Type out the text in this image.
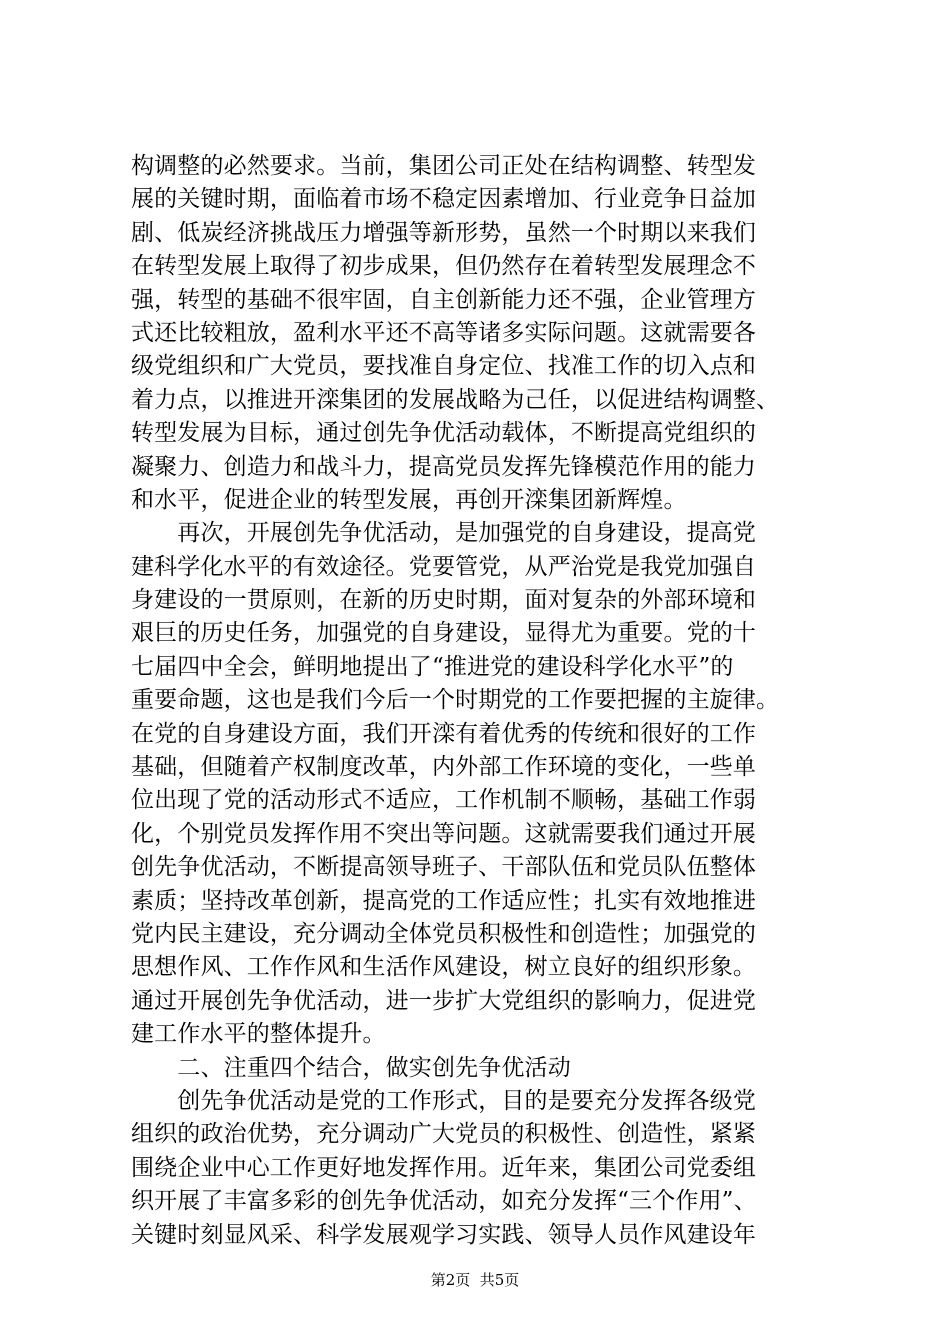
构调整的必然要求。当前，集团公司正处在结构调整、转型发
展的关键时期，面临着市场不稳定因素增加、行业竞争日益加
剧、低炭经济挑战压力增强等新形势，虽然一个时期以来我们
在转型发展上取得了初步成果，但仍然存在着转型发展理念不
强，转型的基础不很牢固，自主创新能力还不强，企业管理方
式还比较粗放，盈利水平还不高等诸多实际问题。这就需要各
级党组织和广大党员，要找准自身定位、找准工作的切入点和
着力点，以推进开滦集团的发展战略为己任，以促进结构调整、
转型发展为目标，通过创先争优活动载体，不断提高党组织的
凝聚力、创造力和战斗力，提高党员发挥先锋模范作用的能力
和水平，促进企业的转型发展，再创开滦集团新辉煌。
　　再次，开展创先争优活动，是加强党的自身建设，提高党
建科学化水平的有效途径。党要管党，从严治党是我党加强自
身建设的一贯原则，在新的历史时期，面对复杂的外部环境和
艰巨的历史任务，加强党的自身建设，显得尤为重要。党的十
七届四中全会，鲜明地提出了“推进党的建设科学化水平”的
重要命题，这也是我们今后一个时期党的工作要把握的主旋律。
在党的自身建设方面，我们开滦有着优秀的传统和很好的工作
基础，但随着产权制度改革，内外部工作环境的变化，一些单
位出现了党的活动形式不适应，工作机制不顺畅，基础工作弱
化，个别党员发挥作用不突出等问题。这就需要我们通过开展
创先争优活动，不断提高领导班子、干部队伍和党员队伍整体
素质；坚持改革创新，提高党的工作适应性；扎实有效地推进
党内民主建设，充分调动全体党员积极性和创造性；加强党的
思想作风、工作作风和生活作风建设，树立良好的组织形象。
通过开展创先争优活动，进一步扩大党组织的影响力，促进党
建工作水平的整体提升。
　　二、注重四个结合，做实创先争优活动
　　创先争优活动是党的工作形式，目的是要充分发挥各级党
组织的政治优势，充分调动广大党员的积极性、创造性，紧紧
围绕企业中心工作更好地发挥作用。近年来，集团公司党委组
织开展了丰富多彩的创先争优活动，如充分发挥“三个作用”、
关键时刻显风采、科学发展观学习实践、领导人员作风建设年
第2页  共5页
